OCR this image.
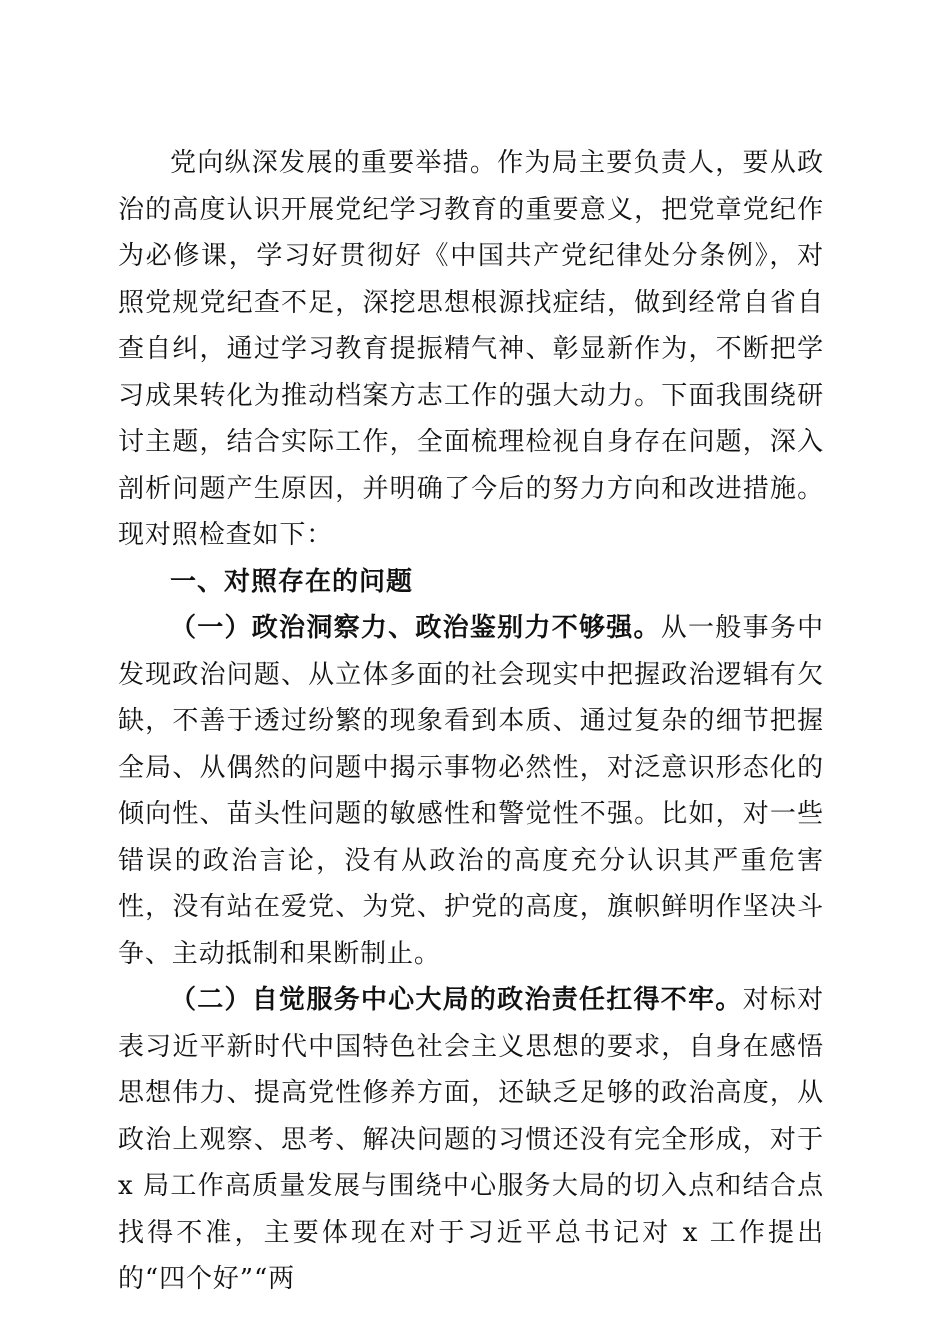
党向纵深发展的重要举措。作为局主要负责人，要从政治的高度认识开展党纪学习教育的重要意义，把党章党纪作为必修课，学习好贯彻好《中国共产党纪律处分条例》，对照党规党纪查不足，深挖思想根源找症结，做到经常自省自查自纠，通过学习教育提振精气神、彰显新作为，不断把学习成果转化为推动档案方志工作的强大动力。下面我围绕研讨主题，结合实际工作，全面梳理检视自身存在问题，深入剖析问题产生原因，并明确了今后的努力方向和改进措施。现对照检查如下：

一、对照存在的问题

（一）政治洞察力、政治鉴别力不够强。从一般事务中发现政治问题、从立体多面的社会现实中把握政治逻辑有欠缺，不善于透过纷繁的现象看到本质、通过复杂的细节把握全局、从偶然的问题中揭示事物必然性，对泛意识形态化的倾向性、苗头性问题的敏感性和警觉性不强。比如，对一些错误的政治言论，没有从政治的高度充分认识其严重危害性，没有站在爱党、为党、护党的高度，旗帜鲜明作坚决斗争、主动抵制和果断制止。

（二）自觉服务中心大局的政治责任扛得不牢。对标对表习近平新时代中国特色社会主义思想的要求，自身在感悟思想伟力、提高党性修养方面，还缺乏足够的政治高度，从政治上观察、思考、解决问题的习惯还没有完全形成，对于 x 局工作高质量发展与围绕中心服务大局的切入点和结合点找得不准，主要体现在对于习近平总书记对 x 工作提出的“四个好”“两
